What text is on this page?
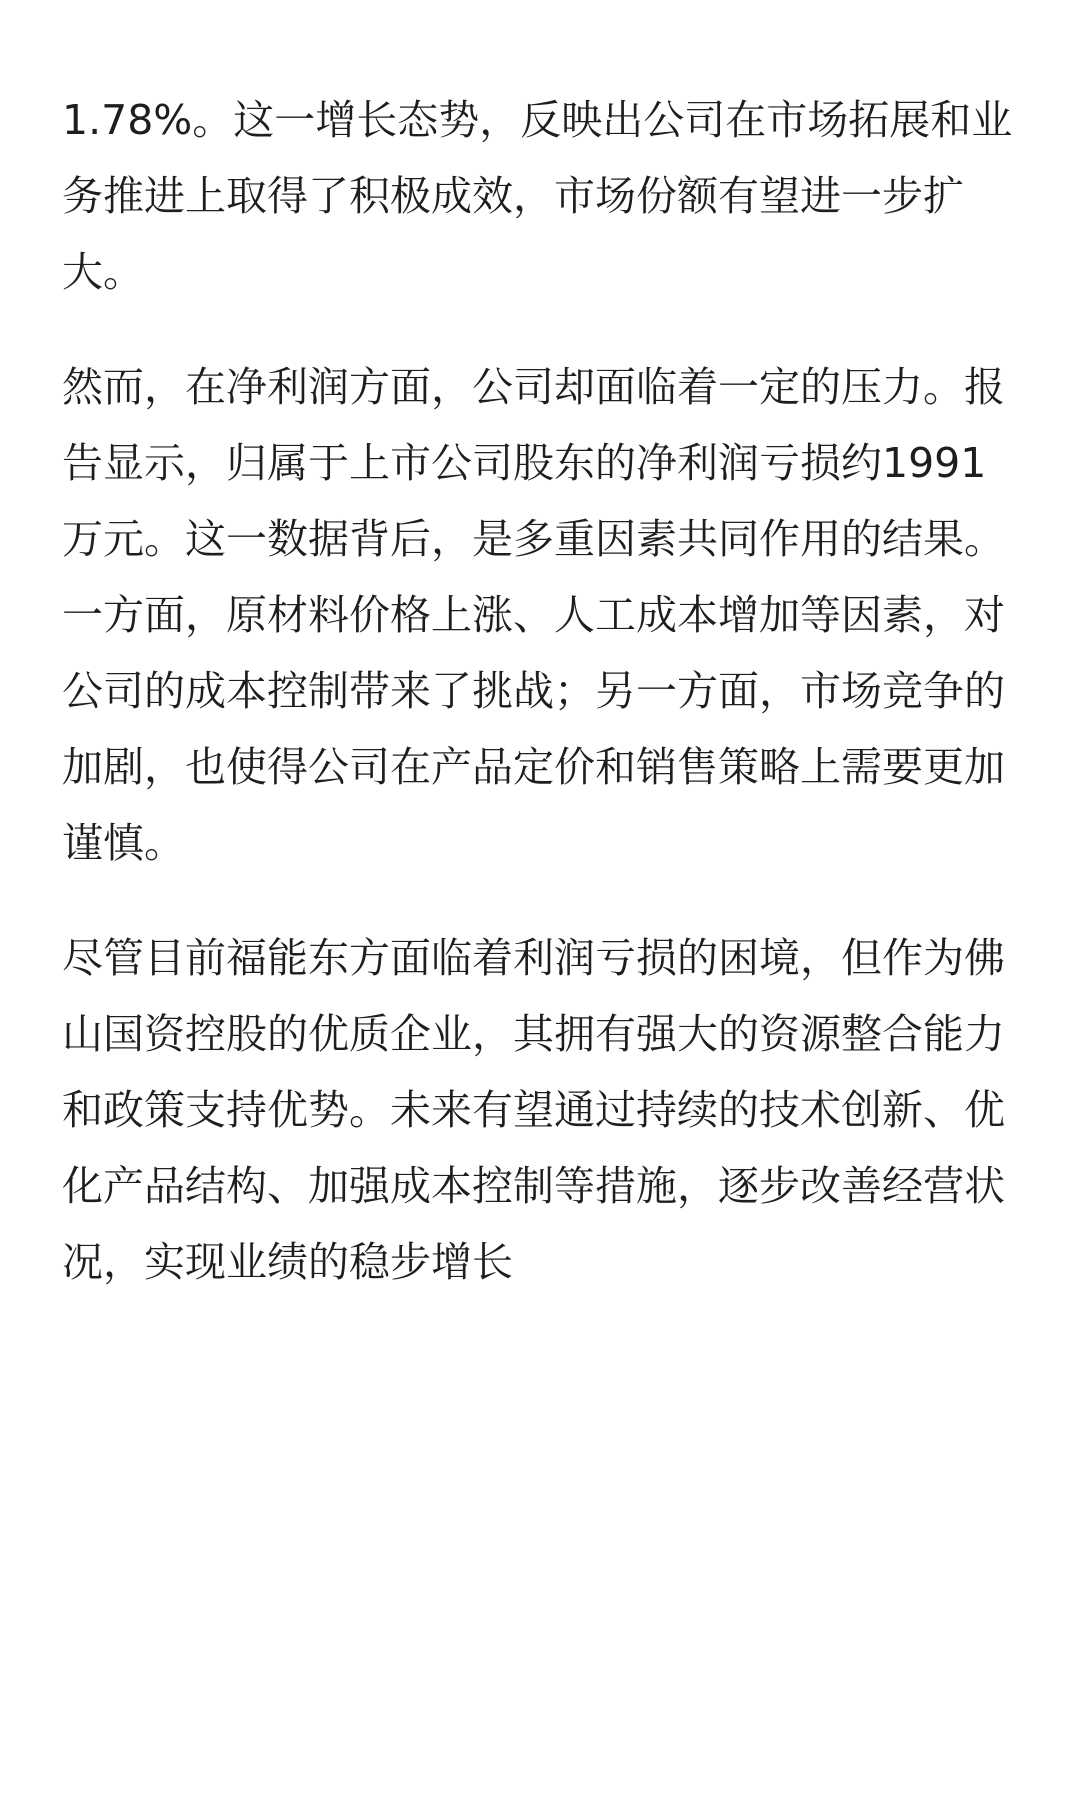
1.78%。这一增长态势，反映出公司在市场拓展和业务推进上取得了积极成效，市场份额有望进一步扩大。

然而，在净利润方面，公司却面临着一定的压力。报告显示，归属于上市公司股东的净利润亏损约1991万元。这一数据背后，是多重因素共同作用的结果。一方面，原材料价格上涨、人工成本增加等因素，对公司的成本控制带来了挑战；另一方面，市场竞争的加剧，也使得公司在产品定价和销售策略上需要更加谨慎。

尽管目前福能东方面临着利润亏损的困境，但作为佛山国资控股的优质企业，其拥有强大的资源整合能力和政策支持优势。未来有望通过持续的技术创新、优化产品结构、加强成本控制等措施，逐步改善经营状况，实现业绩的稳步增长
